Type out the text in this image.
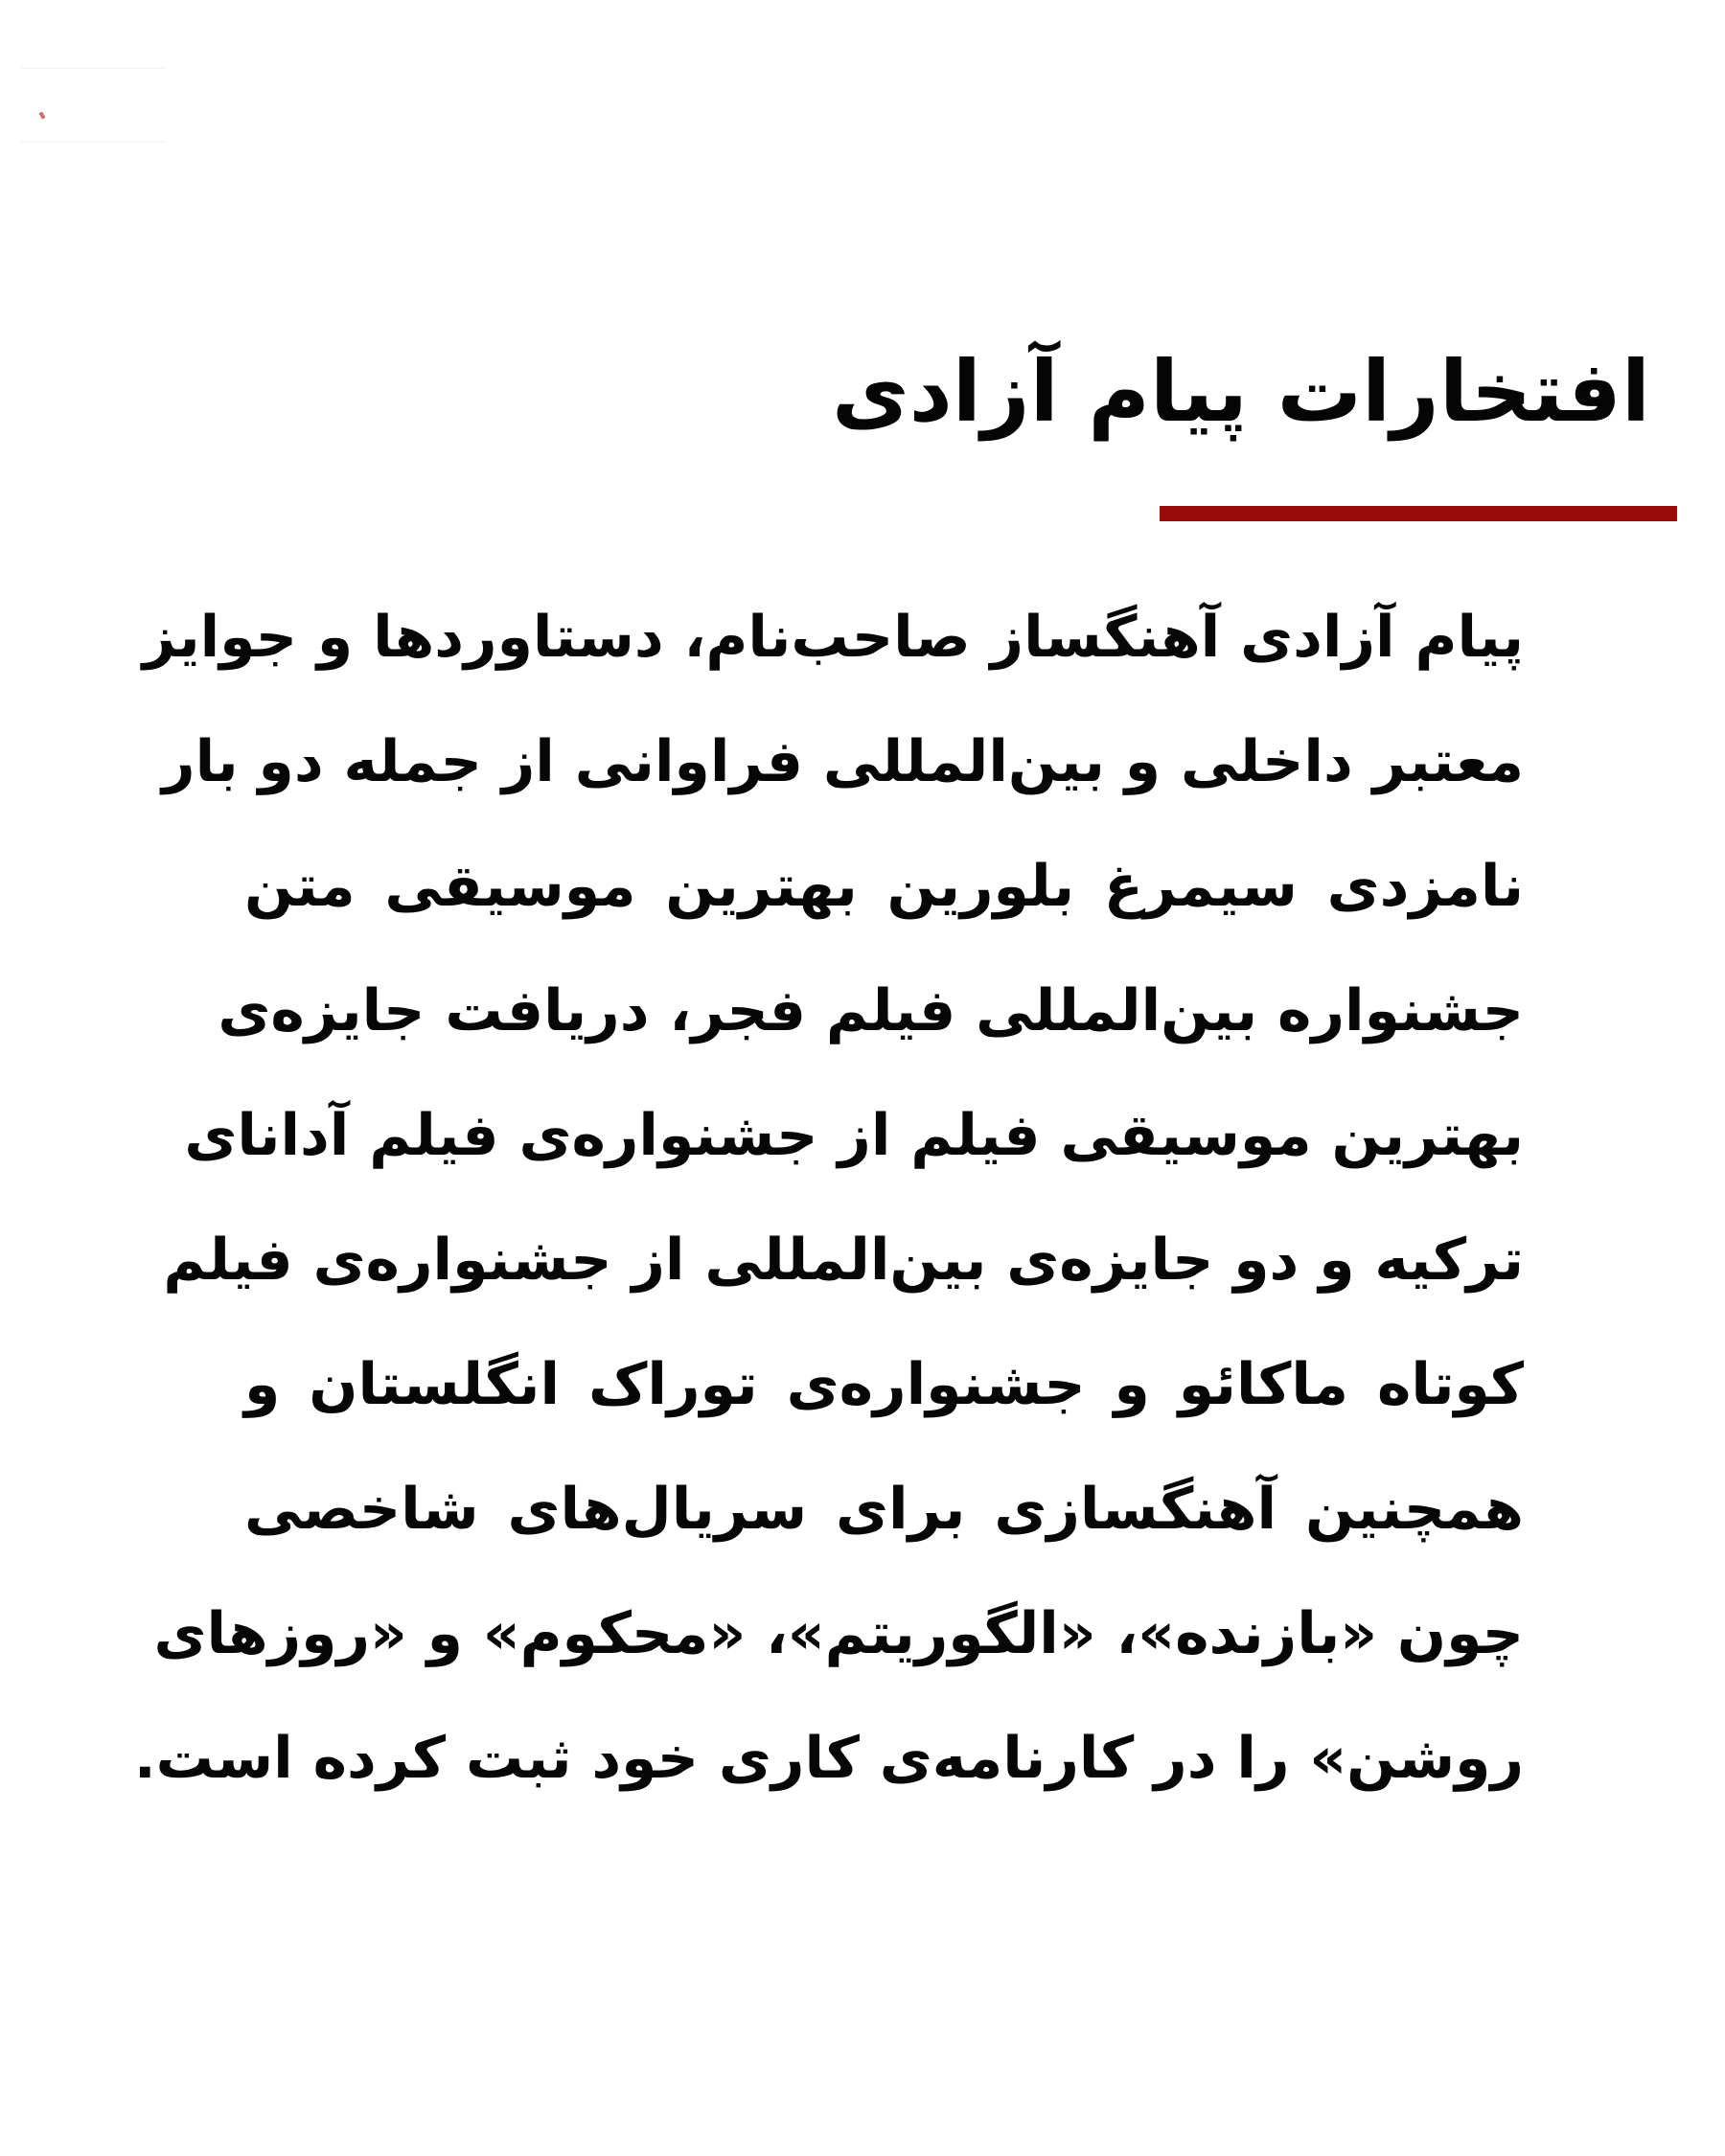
افتخارات پیام آزادی
پیام آزادی آهنگساز صاحب‌نام، دستاوردها و جوایز
معتبر داخلی و بین‌المللی فراوانی از جمله دو بار
نامزدی سیمرغ بلورین بهترین موسیقی متن
جشنواره بین‌المللی فیلم فجر، دریافت جایزه‌ی
بهترین موسیقی فیلم از جشنواره‌ی فیلم آدانای
ترکیه و دو جایزه‌ی بین‌المللی از جشنواره‌ی فیلم
کوتاه ماکائو و جشنواره‌ی توراک انگلستان و
همچنین آهنگسازی برای سریال‌های شاخصی
چون «بازنده»، «الگوریتم»، «محکوم» و «روزهای
روشن» را در کارنامه‌ی کاری خود ثبت کرده است.
